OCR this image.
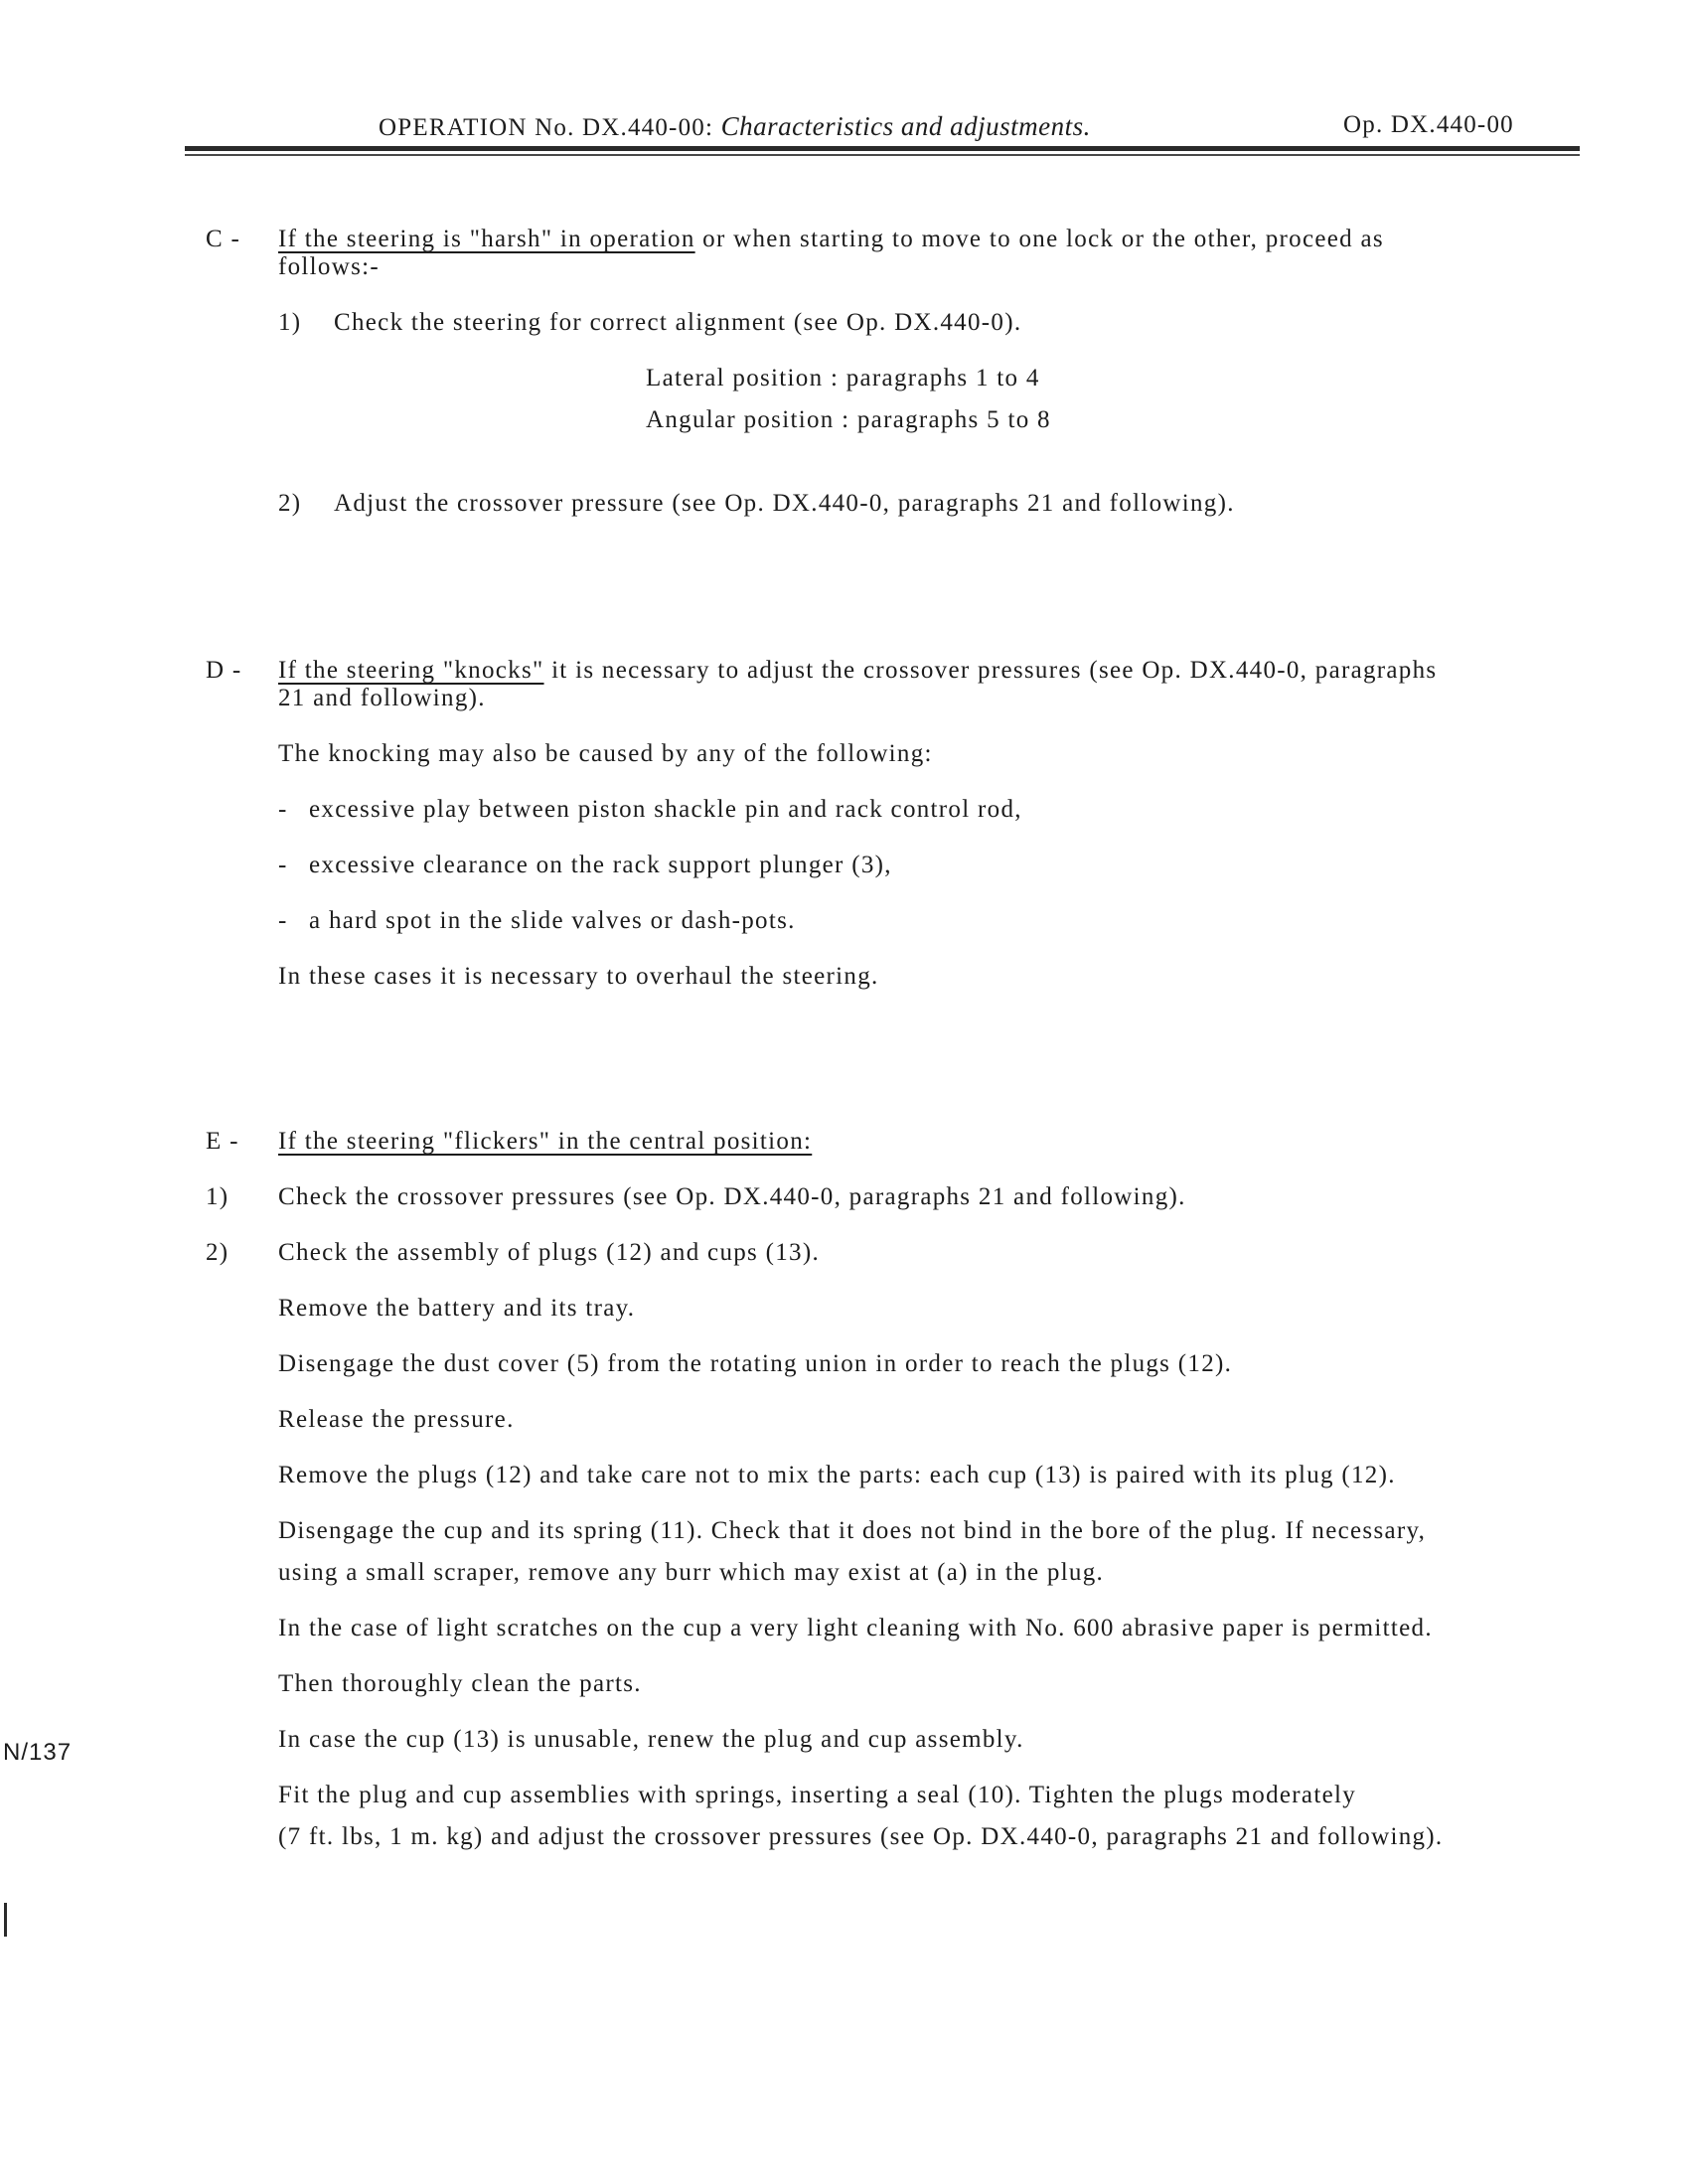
OPERATION No. DX.440-00: Characteristics and adjustments.	Op. DX.440-00
C - If the steering is "harsh" in operation or when starting to move to one lock or the other, proceed as
follows:-
1) Check the steering for correct alignment (see Op. DX.440-0).
Lateral position : paragraphs 1 to 4
Angular position : paragraphs 5 to 8
2) Adjust the crossover pressure (see Op. DX.440-0, paragraphs 21 and following).
D - If the steering "knocks" it is necessary to adjust the crossover pressures (see Op. DX.440-0, paragraphs
21 and following).
The knocking may also be caused by any of the following:
- excessive play between piston shackle pin and rack control rod,
- excessive clearance on the rack support plunger (3),
- a hard spot in the slide valves or dash-pots.
In these cases it is necessary to overhaul the steering.
E - If the steering "flickers" in the central position:
1) Check the crossover pressures (see Op. DX.440-0, paragraphs 21 and following).
2) Check the assembly of plugs (12) and cups (13).
Remove the battery and its tray.
Disengage the dust cover (5) from the rotating union in order to reach the plugs (12).
Release the pressure.
Remove the plugs (12) and take care not to mix the parts: each cup (13) is paired with its plug (12).
Disengage the cup and its spring (11). Check that it does not bind in the bore of the plug. If necessary,
using a small scraper, remove any burr which may exist at (a) in the plug.
In the case of light scratches on the cup a very light cleaning with No. 600 abrasive paper is permitted.
Then thoroughly clean the parts.
In case the cup (13) is unusable, renew the plug and cup assembly.
Fit the plug and cup assemblies with springs, inserting a seal (10). Tighten the plugs moderately
(7 ft. lbs, 1 m. kg) and adjust the crossover pressures (see Op. DX.440-0, paragraphs 21 and following).
N/137
